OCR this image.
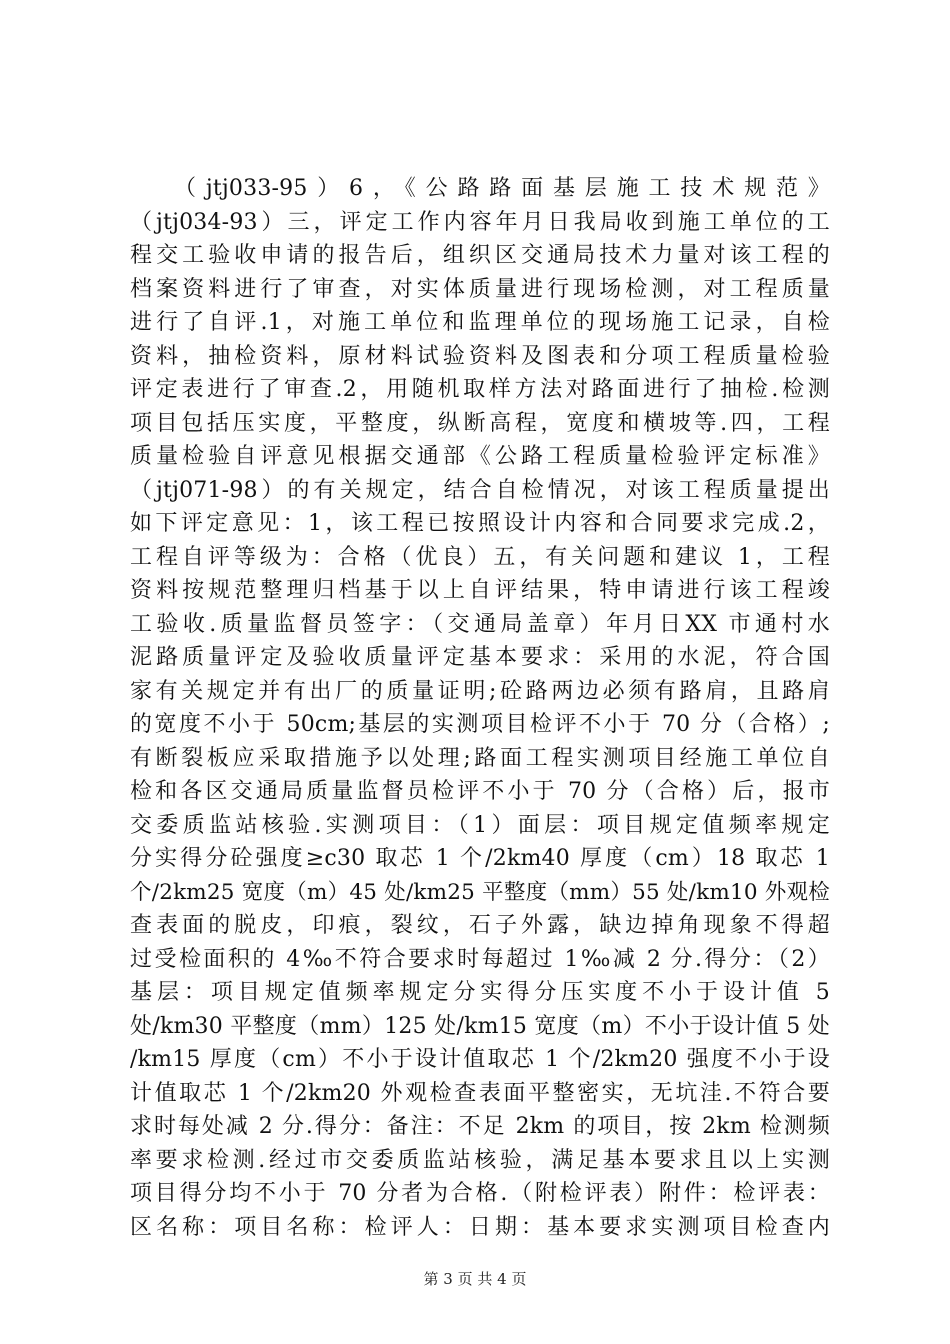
（jtj033-95）6，《公路路面基层施工技术规范》
（jtj034-93）三，评定工作内容年月日我局收到施工单位的工
程交工验收申请的报告后，组织区交通局技术力量对该工程的
档案资料进行了审查，对实体质量进行现场检测，对工程质量
进行了自评.1，对施工单位和监理单位的现场施工记录，自检
资料，抽检资料，原材料试验资料及图表和分项工程质量检验
评定表进行了审查.2，用随机取样方法对路面进行了抽检.检测
项目包括压实度，平整度，纵断高程，宽度和横坡等.四，工程
质量检验自评意见根据交通部《公路工程质量检验评定标准》
（jtj071-98）的有关规定，结合自检情况，对该工程质量提出
如下评定意见：1，该工程已按照设计内容和合同要求完成.2，
工程自评等级为：合格（优良）五，有关问题和建议 1，工程
资料按规范整理归档基于以上自评结果，特申请进行该工程竣
工验收.质量监督员签字：（交通局盖章）年月日XX 市通村水
泥路质量评定及验收质量评定基本要求：采用的水泥，符合国
家有关规定并有出厂的质量证明;砼路两边必须有路肩，且路肩
的宽度不小于 50cm;基层的实测项目检评不小于 70 分（合格）;
有断裂板应采取措施予以处理;路面工程实测项目经施工单位自
检和各区交通局质量监督员检评不小于 70 分（合格）后，报市
交委质监站核验.实测项目：（1）面层：项目规定值频率规定
分实得分砼强度≥c30 取芯 1 个/2km40 厚度（cm）18 取芯 1
个/2km25 宽度（m）45 处/km25 平整度（mm）55 处/km10 外观检
查表面的脱皮，印痕，裂纹，石子外露，缺边掉角现象不得超
过受检面积的 4‰不符合要求时每超过 1‰减 2 分.得分：（2）
基层：项目规定值频率规定分实得分压实度不小于设计值 5
处/km30 平整度（mm）125 处/km15 宽度（m）不小于设计值 5 处
/km15 厚度（cm）不小于设计值取芯 1 个/2km20 强度不小于设
计值取芯 1 个/2km20 外观检查表面平整密实，无坑洼.不符合要
求时每处减 2 分.得分：备注：不足 2km 的项目，按 2km 检测频
率要求检测.经过市交委质监站核验，满足基本要求且以上实测
项目得分均不小于 70 分者为合格.（附检评表）附件：检评表：
区名称：项目名称：检评人：日期：基本要求实测项目检查内
第 3 页 共 4 页
